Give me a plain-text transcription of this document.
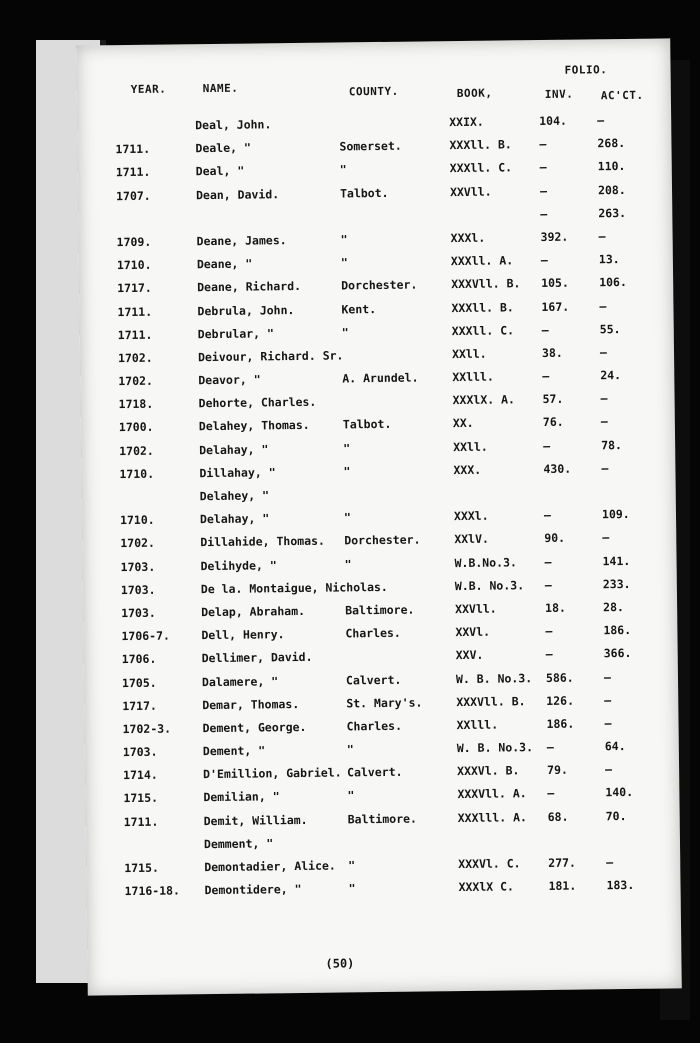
FOLIO.
YEAR.	NAME.	COUNTY.	BOOK,	INV. AC'CT.
Deal, John.	XXIX.	104.	—
1711.	Deale, "	Somerset.	XXXll. B. —	268.
1711.	Deal, "	"	XXXll. C. —	110.
1707.	Dean, David.	Talbot.	XXVll.	—	208.
—	263.
1709.	Deane, James.	"	XXXl.	392.	—
1710.	Deane, "	"	XXXll. A. —	13.
1717.	Deane, Richard.	Dorchester.	XXXVll. B. 105.	106.
1711.	Debrula, John.	Kent.	XXXll. B. 167.	—
1711.	Debrular, "	"	XXXll. C. —	55.
1702.	Deivour, Richard. Sr.	XXll.	38.	—
1702.	Deavor, "	A. Arundel.	XXlll.	—	24.
1718.	Dehorte, Charles.	XXXlX. A. 57.	—
1700.	Delahey, Thomas.	Talbot.	XX.	76.	—
1702.	Delahay, "	"	XXll.	—	78.
1710.	Dillahay, "	"	XXX.	430.	—
Delahey, "
1710.	Delahay, "	"	XXXl.	—	109.
1702.	Dillahide, Thomas. Dorchester.	XXlV.	90.	—
1703.	Delihyde, "	"	W.B.No.3. —	141.
1703.	De la. Montaigue, Nicholas.	W.B. No.3. —	233.
1703.	Delap, Abraham.	Baltimore.	XXVll.	18.	28.
1706-7.	Dell, Henry.	Charles.	XXVl.	—	186.
1706.	Dellimer, David.	XXV.	—	366.
1705.	Dalamere, "	Calvert.	W. B. No.3. 586.	—
1717.	Demar, Thomas.	St. Mary's.	XXXVll. B. 126.	—
1702-3.	Dement, George.	Charles.	XXlll.	186.	—
1703.	Dement, "	"	W. B. No.3. —	64.
1714.	D'Emillion, Gabriel. Calvert.	XXXVl. B. 79.	—
1715.	Demilian, "	"	XXXVll. A. —	140.
1711.	Demit, William.	Baltimore.	XXXlll. A. 68.	70.
Demment, "
1715.	Demontadier, Alice. "	XXXVl. C. 277.	—
1716-18. Demontidere, "	"	XXXlX C.	181.	183.
(50)
